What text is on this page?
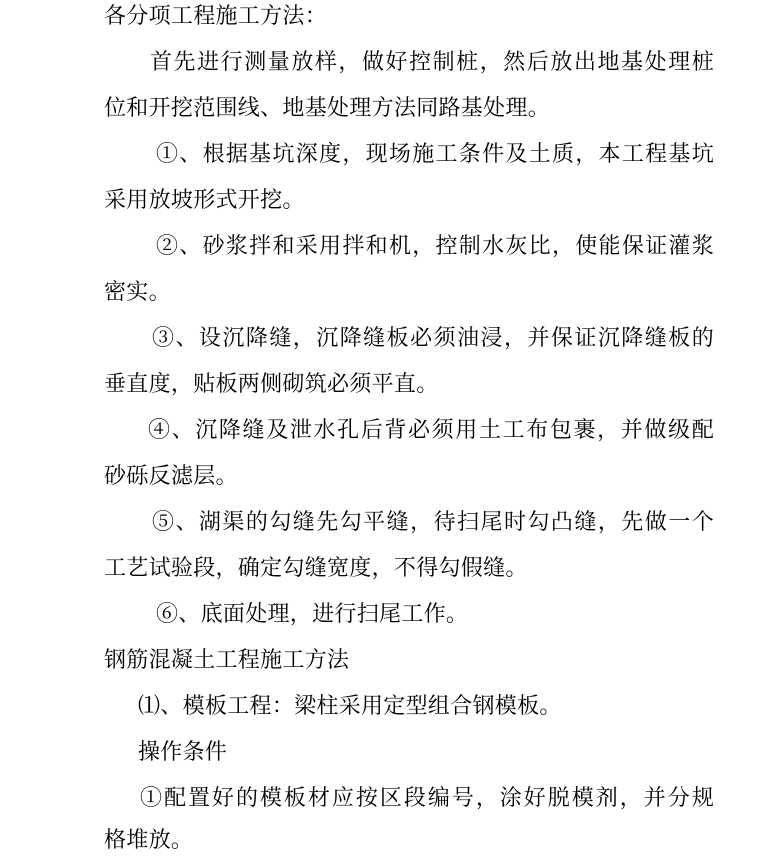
各分项工程施工方法：
首先进行测量放样，做好控制桩，然后放出地基处理桩
位和开挖范围线、地基处理方法同路基处理。
①、根据基坑深度，现场施工条件及土质，本工程基坑
采用放坡形式开挖。
②、砂浆拌和采用拌和机，控制水灰比，使能保证灌浆
密实。
③、设沉降缝，沉降缝板必须油浸，并保证沉降缝板的
垂直度，贴板两侧砌筑必须平直。
④、沉降缝及泄水孔后背必须用土工布包裹，并做级配
砂砾反滤层。
⑤、湖渠的勾缝先勾平缝，待扫尾时勾凸缝，先做一个
工艺试验段，确定勾缝宽度，不得勾假缝。
⑥、底面处理，进行扫尾工作。
钢筋混凝土工程施工方法
⑴、模板工程：梁柱采用定型组合钢模板。
操作条件
①配置好的模板材应按区段编号，涂好脱模剂，并分规
格堆放。
